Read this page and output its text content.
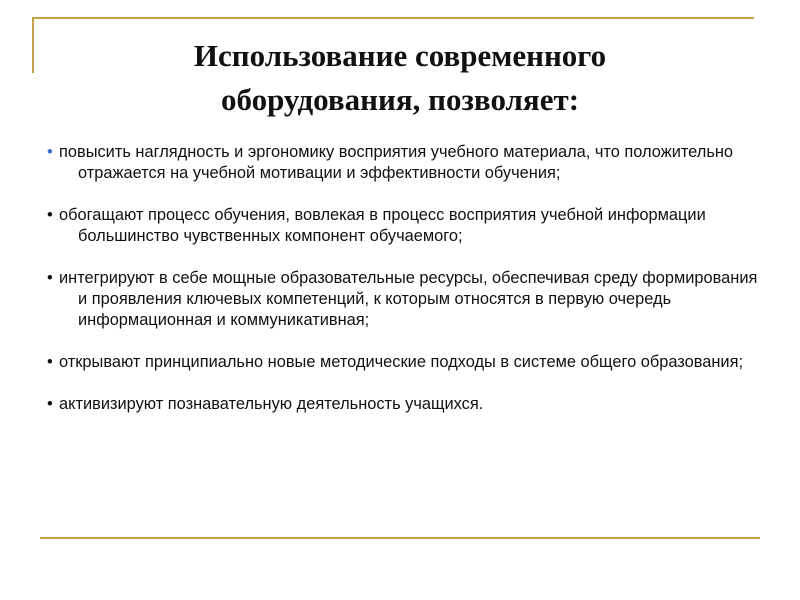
Использование современного
оборудования, позволяет:
• повысить наглядность и эргономику восприятия учебного материала, что положительно отражается на учебной мотивации и эффективности обучения;
• обогащают процесс обучения, вовлекая в процесс восприятия учебной информации большинство чувственных компонент обучаемого;
• интегрируют в себе мощные образовательные ресурсы, обеспечивая среду формирования и проявления ключевых компетенций, к которым относятся в первую очередь информационная и коммуникативная;
• открывают принципиально новые методические подходы в системе общего образования;
• активизируют познавательную деятельность учащихся.
